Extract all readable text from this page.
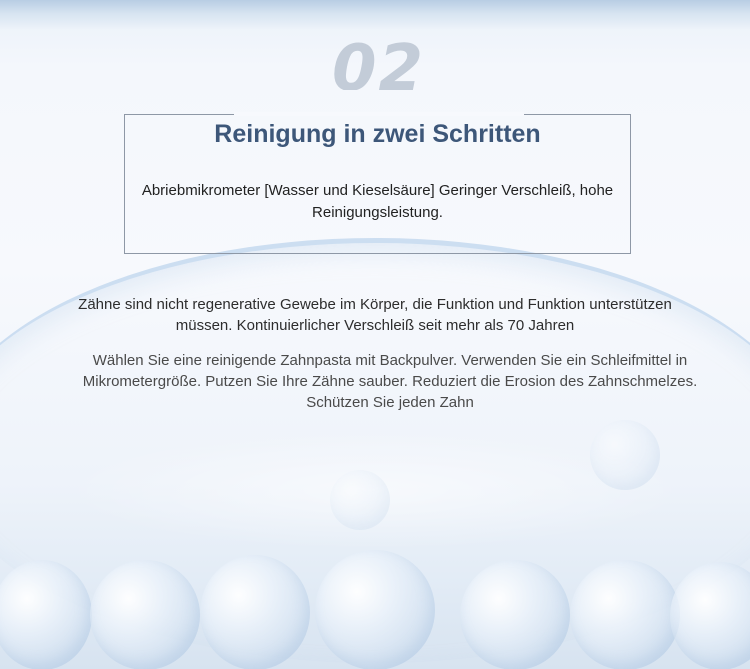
02
Reinigung in zwei Schritten
Abriebmikrometer [Wasser und Kieselsäure] Geringer Verschleiß, hohe Reinigungsleistung.
Zähne sind nicht regenerative Gewebe im Körper, die Funktion und Funktion unterstützen müssen. Kontinuierlicher Verschleiß seit mehr als 70 Jahren
Wählen Sie eine reinigende Zahnpasta mit Backpulver. Verwenden Sie ein Schleifmittel in Mikrometergröße. Putzen Sie Ihre Zähne sauber. Reduziert die Erosion des Zahnschmelzes. Schützen Sie jeden Zahn
